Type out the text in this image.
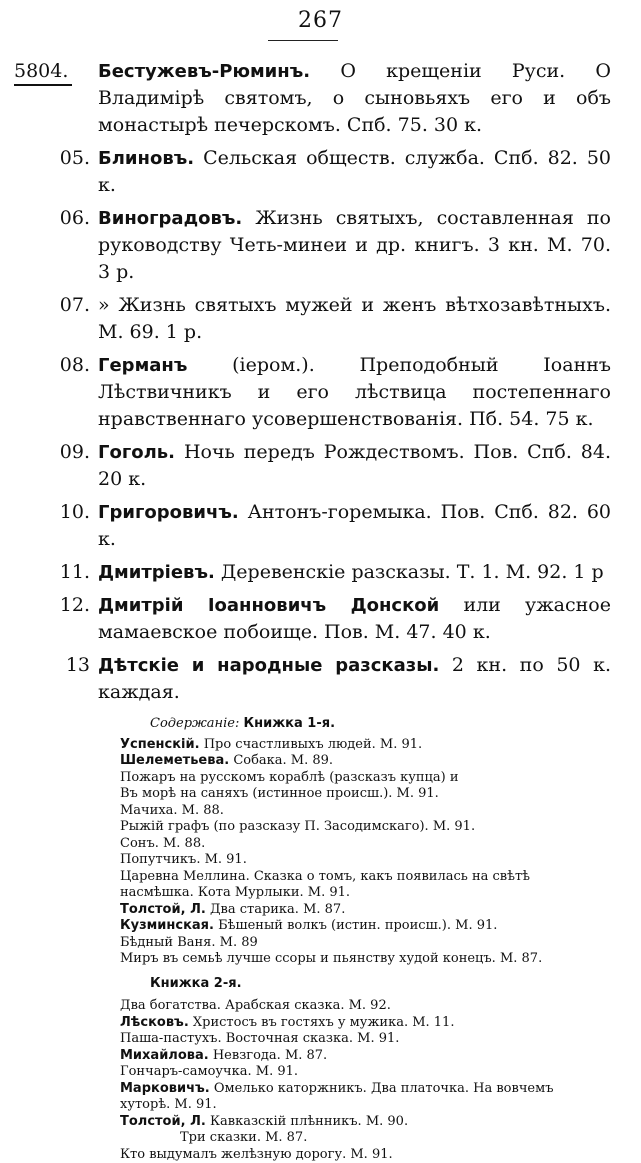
267
5804.	Бестужевъ-Рюминъ. О крещеніи Руси. О Владимірѣ святомъ, о сыновьяхъ его и объ монастырѣ печерскомъ. Спб. 75. 30 к.
05. Блиновъ. Сельская обществ. служба. Спб. 82. 50 к.
06. Виноградовъ. Жизнь святыхъ, составленная по руководству Четь-минеи и др. книгъ. 3 кн. М. 70. 3 р.
07. » Жизнь святыхъ мужей и женъ вѣтхозавѣтныхъ. М. 69. 1 р.
08. Германъ (іером.). Преподобный Іоаннъ Лѣствичникъ и его лѣствица постепеннаго нравственнаго усовершенствованія. Пб. 54. 75 к.
09. Гоголь. Ночь передъ Рождествомъ. Пов. Спб. 84. 20 к.
10. Григоровичъ. Антонъ-горемыка. Пов. Спб. 82. 60 к.
11. Дмитріевъ. Деревенскіе разсказы. Т. 1. М. 92. 1 р
12. Дмитрій Іоанновичъ Донской или ужасное мамаевское побоище. Пов. М. 47. 40 к.
13 Дѣтскіе и народные разсказы. 2 кн. по 50 к. каждая.
Содержаніе: Книжка 1-я.
Успенскій. Про счастливыхъ людей. М. 91.
Шелеметьева. Собака. М. 89.
Пожаръ на русскомъ кораблѣ (разсказъ купца) и
Въ морѣ на саняхъ (истинное происш.). М. 91.
Мачиха. М. 88.
Рыжій графъ (по разсказу П. Засодимскаго). М. 91.
Сонъ. М. 88.
Попутчикъ. М. 91.
Царевна Меллина. Сказка о томъ, какъ появилась на свѣтѣ
насмѣшка. Кота Мурлыки. М. 91.
Толстой, Л. Два старика. М. 87.
Кузминская. Бѣшеный волкъ (истин. происш.). М. 91.
Бѣдный Ваня. М. 89
Миръ въ семьѣ лучше ссоры и пьянству худой конецъ. М. 87.
Книжка 2-я.
Два богатства. Арабская сказка. М. 92.
Лѣсковъ. Христосъ въ гостяхъ у мужика. М. 11.
Паша-пастухъ. Восточная сказка. М. 91.
Михайлова. Невзгода. М. 87.
Гончаръ-самоучка. М. 91.
Марковичъ. Омелько каторжникъ. Два платочка. На вовчемъ
хуторѣ. М. 91.
Толстой, Л. Кавказскій плѣнникъ. М. 90.
Три сказки. М. 87.
Кто выдумалъ желѣзную дорогу. М. 91.
